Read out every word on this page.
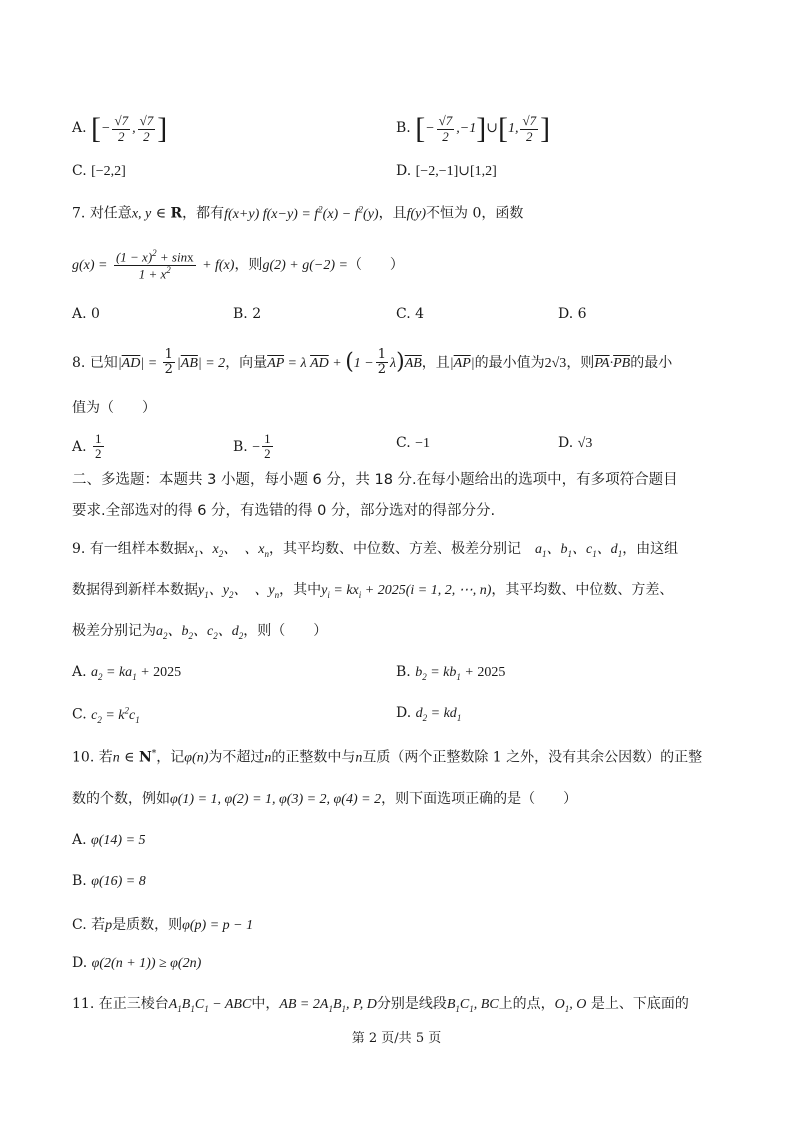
A. [− $\frac{√7}{2}$ , $\frac{√7}{2}$ ]	B. [− $\frac{√7}{2}$ ,−1]∪[1, $\frac{√7}{2}$ ]
C. [−2,2]	D. [−2,−1]∪[1,2]
7. 对任意x, y ∈ R，都有f(x+y) $f(x-y) = f^2(x) - f^2(y)$，且f(y)不恒为 0，函数
$g(x) = \frac{(1 - x)^2 + \sin x}{1 + x^2} + f(x)$，则g(2) + g(−2) =（　　）
A. 0	B. 2	C. 4	D. 6
8. 已知$|\overline{AD}| = \frac{1}{2} |\overline{AB}| = 2$，向量$\overline{AP} = \lambda$ $\overline{AD} + (1 - \frac{1}{2} \lambda)\overline{AB}$，且$|\overline{AP}|$的最小值为2√3，则$\overline{PA}\cdot\overline{PB}$的最小
值为（　　）
A. $\frac{1}{2}$	B. − $\frac{1}{2}$	C. −1	D. √3
二、多选题：本题共 3 小题，每小题 6 分，共 18 分.在每小题给出的选项中，有多项符合题目
要求.全部选对的得 6 分，有选错的得 0 分，部分选对的得部分分.
9. 有一组样本数据$x_1$、$x_2$、　、$x_n$，其平均数、中位数、方差、极差分别记　 $a_1$、$b_1$、$c_1$、$d_1$，由这组
数据得到新样本数据$y_1$、$y_2$、　、$y_n$，其中$y_i = kx_i + 2025(i = 1$, 2, ⋯, n)，其平均数、中位数、方差、
极差分别记为$a_2$、$b_2$、$c_2$、$d_2$，则（　　）
A. $a_2 = ka_1 + 2025$	B. $b_2 = kb_1 + 2025$
C. $c_2 = k^2c_1$	D. $d_2 = kd_1$
10. 若n ∈ N*，记φ(n)为不超过n的正整数中与n互质（两个正整数除 1 之外，没有其余公因数）的正整
数的个数，例如φ(1) = 1, φ(2) = 1, φ(3) = 2, φ(4) = 2，则下面选项正确的是（　　）
A. φ(14) = 5
B. φ(16) = 8
C. 若p是质数，则φ(p) = p − 1
D. φ(2(n + 1)) ≥ φ(2n)
11. 在正三棱台$A_1B_1C_1$ − ABC中，AB = $2A_1B_1$, P, D分别是线段$B_1C_1$, BC上的点，$O_1$, O 是上、下底面的
第 2 页/共 5 页
